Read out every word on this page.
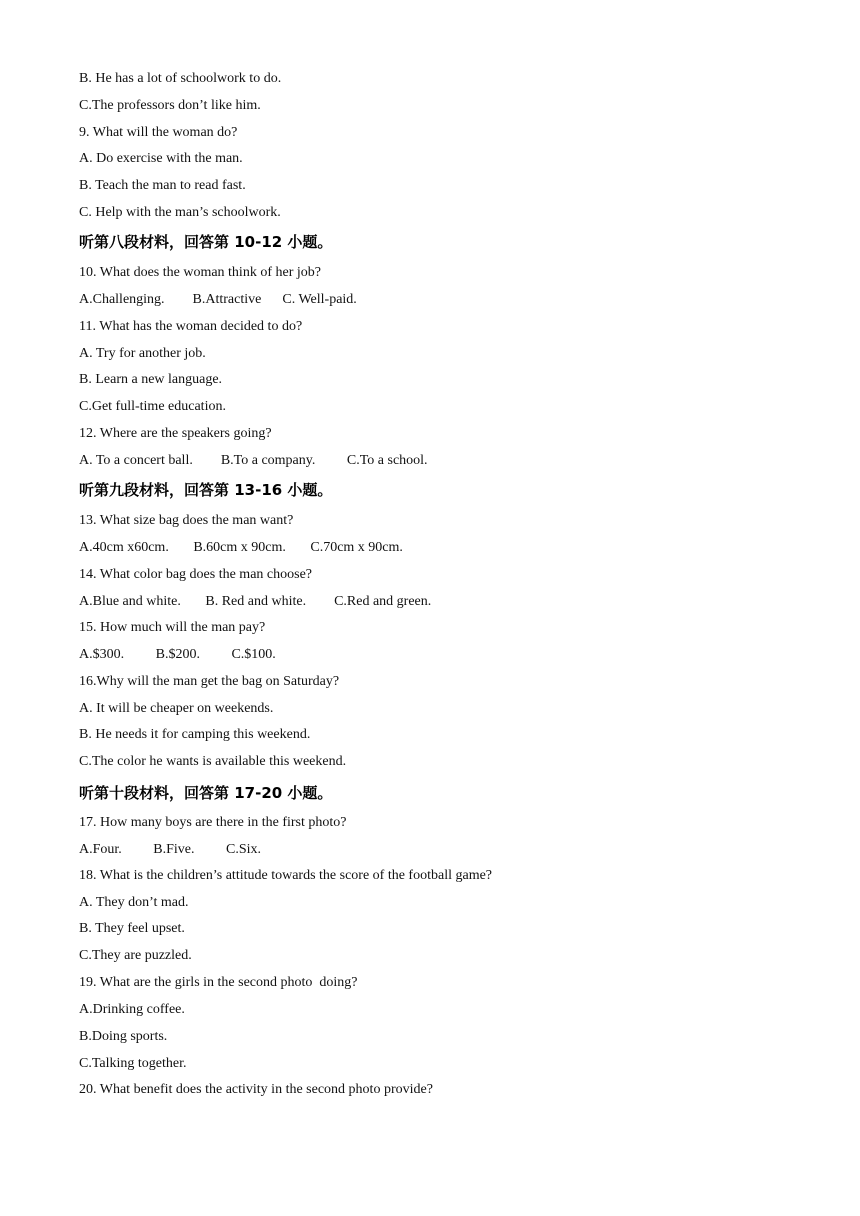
B. He has a lot of schoolwork to do.
C.The professors don’t like him.
9. What will the woman do?
A. Do exercise with the man.
B. Teach the man to read fast.
C. Help with the man’s schoolwork.
听第八段材料，回答第 10-12 小题。
10. What does the woman think of her job?
A.Challenging.        B.Attractive      C. Well-paid.
11. What has the woman decided to do?
A. Try for another job.
B. Learn a new language.
C.Get full-time education.
12. Where are the speakers going?
A. To a concert ball.        B.To a company.         C.To a school.
听第九段材料，回答第 13-16 小题。
13. What size bag does the man want?
A.40cm x60cm.       B.60cm x 90cm.       C.70cm x 90cm.
14. What color bag does the man choose?
A.Blue and white.       B. Red and white.        C.Red and green.
15. How much will the man pay?
A.$300.         B.$200.         C.$100.
16.Why will the man get the bag on Saturday?
A. It will be cheaper on weekends.
B. He needs it for camping this weekend.
C.The color he wants is available this weekend.
听第十段材料，回答第 17-20 小题。
17. How many boys are there in the first photo?
A.Four.         B.Five.         C.Six.
18. What is the children’s attitude towards the score of the football game?
A. They don’t mad.
B. They feel upset.
C.They are puzzled.
19. What are the girls in the second photo  doing?
A.Drinking coffee.
B.Doing sports.
C.Talking together.
20. What benefit does the activity in the second photo provide?
